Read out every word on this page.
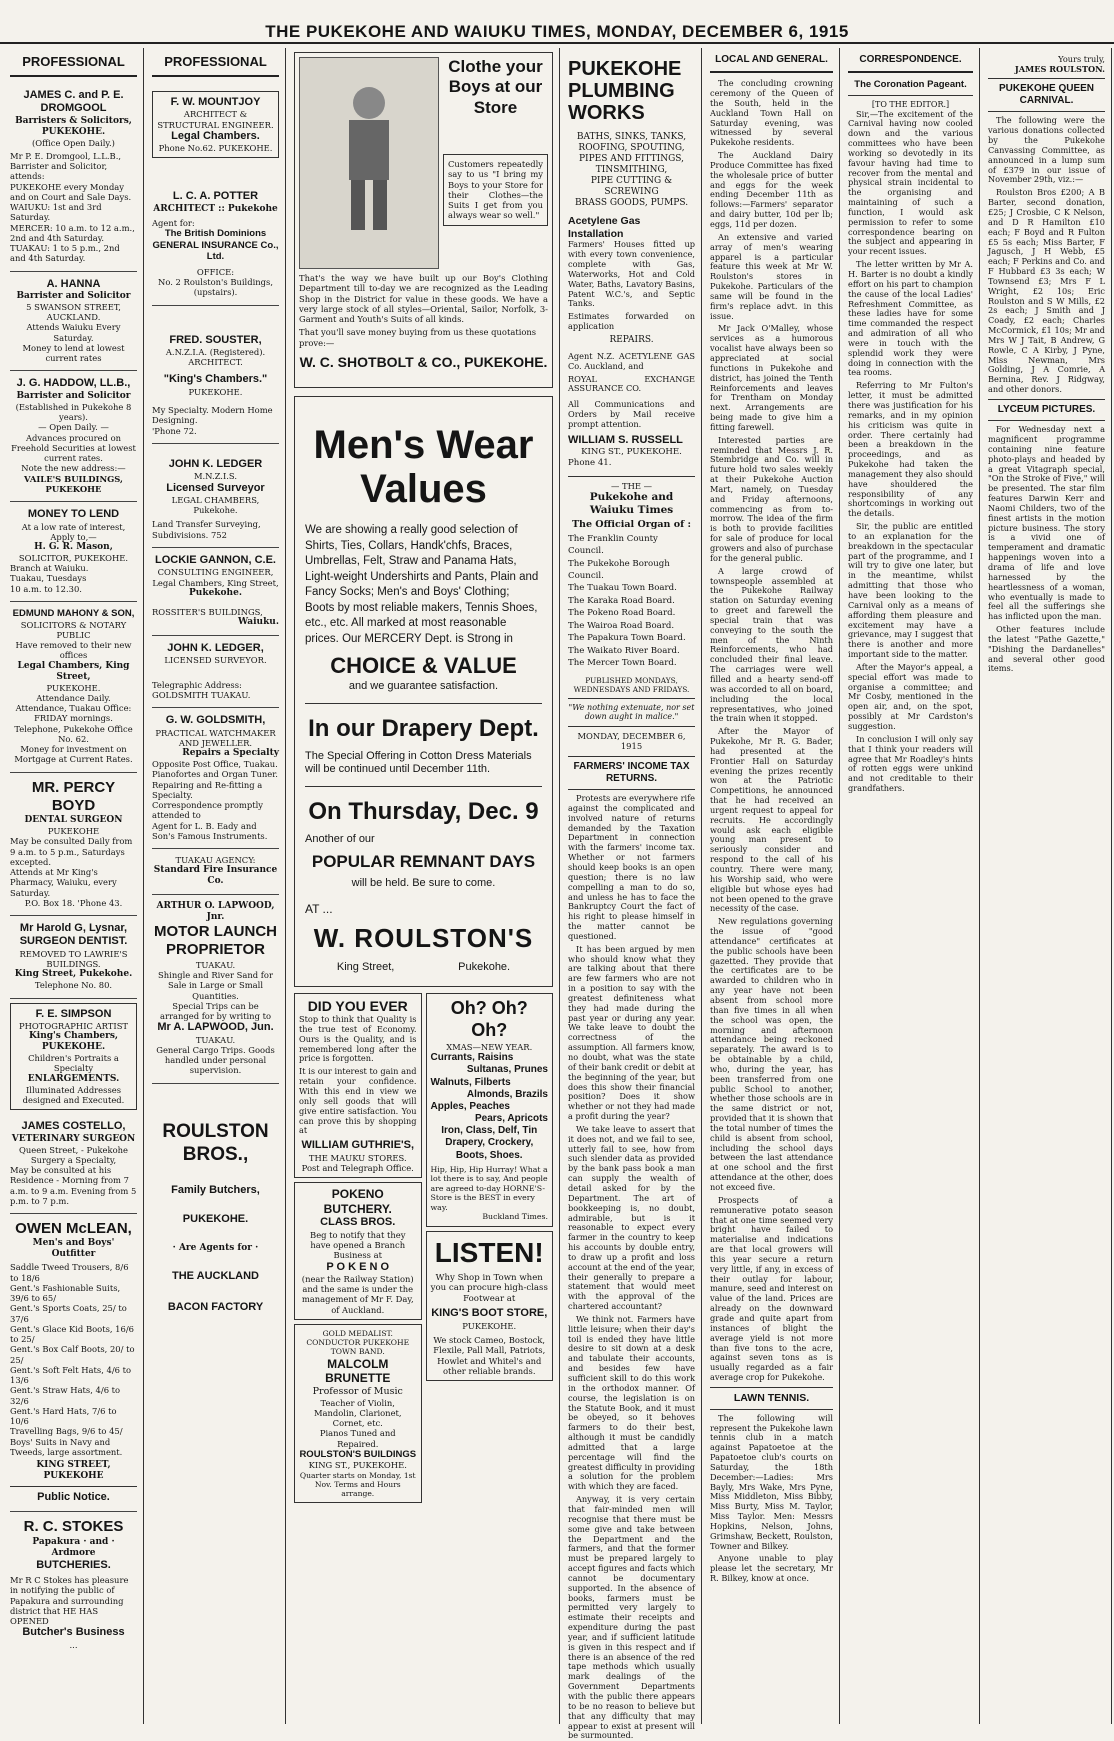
THE PUKEKOHE AND WAIUKU TIMES, MONDAY, DECEMBER 6, 1915
PROFESSIONAL
JAMES C. and P. E. DROMGOOL
Barristers & Solicitors,
PUKEKOHE.
(Office Open Daily.)
Mr P. E. Dromgool, L.L.B., Barrister and Solicitor, attends:
PUKEKOHE every Monday and on Court and Sale Days.
WAIUKU: 1st and 3rd Saturday.
MERCER: 10 a.m. to 12 a.m., 2nd and 4th Saturday.
TUAKAU: 1 to 5 p.m., 2nd and 4th Saturday.
A. HANNA
Barrister and Solicitor
5 SWANSON STREET, AUCKLAND.
Attends Waiuku Every Saturday.
Money to lend at lowest current rates
J. G. HADDOW, LL.B.,
Barrister and Solicitor
(Established in Pukekohe 8 years).
— Open Daily. —
Advances procured on Freehold Securities at lowest current rates.
Note the new address:—
VAILE'S BUILDINGS, PUKEKOHE
MONEY TO LEND
At a low rate of interest,
Apply to,—
H. G. R. Mason,
SOLICITOR, PUKEKOHE.
Branch at Waiuku.
Tuakau, Tuesdays
10 a.m. to 12.30.
EDMUND MAHONY & SON,
SOLICITORS & NOTARY PUBLIC
Have removed to their new offices
Legal Chambers, King Street,
PUKEKOHE.
Attendance Daily.
Attendance, Tuakau Office: FRIDAY mornings. Telephone, Pukekohe Office No. 62.
Money for investment on Mortgage at Current Rates.
MR. PERCY BOYD
DENTAL SURGEON
PUKEKOHE
May be consulted Daily from 9 a.m. to 5 p.m., Saturdays excepted.
Attends at Mr King's Pharmacy, Waiuku, every Saturday.
P.O. Box 18. 'Phone 43.
Mr Harold G, Lysnar,
SURGEON DENTIST.
REMOVED TO LAWRIE'S BUILDINGS.
King Street, Pukekohe.
Telephone No. 80.
F. E. SIMPSON
PHOTOGRAPHIC ARTIST
King's Chambers,
PUKEKOHE.
Children's Portraits a Specialty
ENLARGEMENTS.
Illuminated Addresses designed and Executed.
JAMES COSTELLO,
VETERINARY SURGEON
Queen Street, - Pukekohe
Surgery a Specialty,
May be consulted at his Residence - Morning from 7 a.m. to 9 a.m. Evening from 5 p.m. to 7 p.m.
OWEN McLEAN,
Men's and Boys' Outfitter
Saddle Tweed Trousers, 8/6 to 18/6
Gent.'s Fashionable Suits, 39/6 to 65/
Gent.'s Sports Coats, 25/ to 37/6
Gent.'s Glace Kid Boots, 16/6 to 25/
Gent.'s Box Calf Boots, 20/ to 25/
Gent.'s Soft Felt Hats, 4/6 to 13/6
Gent.'s Straw Hats, 4/6 to 32/6
Gent.'s Hard Hats, 7/6 to 10/6
Travelling Bags, 9/6 to 45/
Boys' Suits in Navy and Tweeds, large assortment.
KING STREET, PUKEKOHE
Public Notice.
R. C. STOKES
Papakura · and · Ardmore
BUTCHERIES.
Mr R C Stokes has pleasure in notifying the public of Papakura and surrounding district that HE HAS OPENED
Butcher's Business
...
PROFESSIONAL
F. W. MOUNTJOY
ARCHITECT & STRUCTURAL ENGINEER.
Legal Chambers.
Phone No.62. PUKEKOHE.
L. C. A. POTTER
ARCHITECT :: Pukekohe
Agent for:
The British Dominions GENERAL INSURANCE Co., Ltd.
OFFICE:
No. 2 Roulston's Buildings, (upstairs).
FRED. SOUSTER,
A.N.Z.I.A. (Registered).
ARCHITECT.
"King's Chambers."
PUKEKOHE.
My Specialty. Modern Home Designing.
'Phone 72.
JOHN K. LEDGER
M.N.Z.I.S.
Licensed Surveyor
LEGAL CHAMBERS,
Pukekohe.
Land Transfer Surveying, Subdivisions. 752
LOCKIE GANNON, C.E.
CONSULTING ENGINEER,
Legal Chambers, King Street,
Pukekohe.
ROSSITER'S BUILDINGS,
Waiuku.
JOHN K. LEDGER,
LICENSED SURVEYOR.
Telegraphic Address: GOLDSMITH TUAKAU.
G. W. GOLDSMITH,
PRACTICAL WATCHMAKER AND JEWELLER.
Repairs a Specialty
Opposite Post Office, Tuakau.
Pianofortes and Organ Tuner. Repairing and Re-fitting a Specialty.
Correspondence promptly attended to
Agent for L. B. Eady and Son's Famous Instruments.
TUAKAU AGENCY:
Standard Fire Insurance Co.
ARTHUR O. LAPWOOD, Jnr.
MOTOR LAUNCH PROPRIETOR
TUAKAU.
Shingle and River Sand for Sale in Large or Small Quantities.
Special Trips can be arranged for by writing to
Mr A. LAPWOOD, Jun.
TUAKAU.
General Cargo Trips. Goods handled under personal supervision.
ROULSTON BROS.,
Family Butchers,
PUKEKOHE.
· Are Agents for ·
THE AUCKLAND
BACON FACTORY
Clothe your Boys at our Store
Customers repeatedly say to us "I bring my Boys to your Store for their Clothes—the Suits I get from you always wear so well."
That's the way we have built up our Boy's Clothing Department till to-day we are recognized as the Leading Shop in the District for value in these goods. We have a very large stock of all styles—Oriental, Sailor, Norfolk, 3-Garment and Youth's Suits of all kinds.
That you'll save money buying from us these quotations prove:—
W. C. SHOTBOLT & CO., PUKEKOHE.
Men's Wear
Values
We are showing a really good selection of Shirts, Ties, Collars, Handk'chfs, Braces, Umbrellas, Felt, Straw and Panama Hats, Light-weight Undershirts and Pants, Plain and Fancy Socks; Men's and Boys' Clothing; Boots by most reliable makers, Tennis Shoes, etc., etc. All marked at most reasonable prices. Our MERCERY Dept. is Strong in
CHOICE & VALUE
and we guarantee satisfaction.
In our Drapery Dept.
The Special Offering in Cotton Dress Materials will be continued until December 11th.
On Thursday, Dec. 9
Another of our
POPULAR REMNANT DAYS
will be held. Be sure to come.
AT ...
W. ROULSTON'S
King Street,	Pukekohe.
DID YOU EVER
Stop to think that Quality is the true test of Economy. Ours is the Quality, and is remembered long after the price is forgotten.
It is our interest to gain and retain your confidence. With this end in view we only sell goods that will give entire satisfaction. You can prove this by shopping at
WILLIAM GUTHRIE'S,
THE MAUKU STORES.
Post and Telegraph Office.
POKENO BUTCHERY.
CLASS BROS.
Beg to notify that they have opened a Branch Business at
P O K E N O
(near the Railway Station) and the same is under the management of Mr F. Day, of Auckland.
GOLD MEDALIST.
CONDUCTOR PUKEKOHE TOWN BAND.
MALCOLM BRUNETTE
Professor of Music
Teacher of Violin, Mandolin, Clarionet, Cornet, etc.
Pianos Tuned and Repaired.
ROULSTON'S BUILDINGS
KING ST., PUKEKOHE.
Quarter starts on Monday, 1st Nov. Terms and Hours arrange.
Oh? Oh? Oh?
XMAS—NEW YEAR.
Currants, Raisins
Sultanas, Prunes
Walnuts, Filberts
Almonds, Brazils
Apples, Peaches
Pears, Apricots
Iron, Class, Delf, Tin
Drapery, Crockery, Boots, Shoes.
Hip, Hip, Hip Hurray! What a lot there is to say, And people are agreed to-day HORNE'S-Store is the BEST in every way.
Buckland Times.
LISTEN!
Why Shop in Town when you can procure high-class Footwear at
KING'S BOOT STORE,
PUKEKOHE.
We stock Cameo, Bostock, Flexile, Pall Mall, Patriots, Howlet and Whitel's and other reliable brands.
PUKEKOHE
PLUMBING
WORKS
BATHS, SINKS, TANKS,
ROOFING, SPOUTING,
PIPES AND FITTINGS,
TINSMITHING,
PIPE CUTTING & SCREWING
BRASS GOODS, PUMPS.
Acetylene Gas Installation
Farmers' Houses fitted up with every town convenience, complete with Gas, Waterworks, Hot and Cold Water, Baths, Lavatory Basins, Patent W.C.'s, and Septic Tanks.
Estimates forwarded on application
REPAIRS.
Agent N.Z. ACETYLENE GAS Co. Auckland, and
ROYAL EXCHANGE ASSURANCE CO.
All Communications and Orders by Mail receive prompt attention.
WILLIAM S. RUSSELL
KING ST., PUKEKOHE.
Phone 41.
— THE —
Pukekohe and Waiuku Times
The Official Organ of :
The Franklin County Council.
The Pukekohe Borough Council.
The Tuakau Town Board.
The Karaka Road Board.
The Pokeno Road Board.
The Wairoa Road Board.
The Papakura Town Board.
The Waikato River Board.
The Mercer Town Board.
PUBLISHED MONDAYS, WEDNESDAYS AND FRIDAYS.
"We nothing extenuate, nor set down aught in malice."
MONDAY, DECEMBER 6, 1915
FARMERS' INCOME TAX RETURNS.
Protests are everywhere rife against the complicated and involved nature of returns demanded by the Taxation Department in connection with the farmers' income tax. Whether or not farmers should keep books is an open question; there is no law compelling a man to do so, and unless he has to face the Bankruptcy Court the fact of his right to please himself in the matter cannot be questioned.
It has been argued by men who should know what they are talking about that there are few farmers who are not in a position to say with the greatest definiteness what they had made during the past year or during any year. We take leave to doubt the correctness of the assumption. All farmers know, no doubt, what was the state of their bank credit or debit at the beginning of the year, but does this show their financial position? Does it show whether or not they had made a profit during the year?
We take leave to assert that it does not, and we fail to see, utterly fail to see, how from such slender data as provided by the bank pass book a man can supply the wealth of detail asked for by the Department. The art of bookkeeping is, no doubt, admirable, but is it reasonable to expect every farmer in the country to keep his accounts by double entry, to draw up a profit and loss account at the end of the year, their generally to prepare a statement that would meet with the approval of the chartered accountant?
We think not. Farmers have little leisure; when their day's toil is ended they have little desire to sit down at a desk and tabulate their accounts, and besides few have sufficient skill to do this work in the orthodox manner. Of course, the legislation is on the Statute Book, and it must be obeyed, so it behoves farmers to do their best, although it must be candidly admitted that a large percentage will find the greatest difficulty in providing a solution for the problem with which they are faced.
Anyway, it is very certain that fair-minded men will recognise that there must be some give and take between the Department and the farmers, and that the former must be prepared largely to accept figures and facts which cannot be documentary supported. In the absence of books, farmers must be permitted very largely to estimate their receipts and expenditure during the past year, and if sufficient latitude is given in this respect and if there is an absence of the red tape methods which usually mark dealings of the Government Departments with the public there appears to be no reason to believe but that any difficulty that may appear to exist at present will be surmounted.
LOCAL AND GENERAL.
The concluding crowning ceremony of the Queen of the South, held in the Auckland Town Hall on Saturday evening, was witnessed by several Pukekohe residents.
The Auckland Dairy Produce Committee has fixed the wholesale price of butter and eggs for the week ending December 11th as follows:—Farmers' separator and dairy butter, 10d per lb; eggs, 11d per dozen.
An extensive and varied array of men's wearing apparel is a particular feature this week at Mr W. Roulston's stores in Pukekohe. Particulars of the same will be found in the firm's replace advt. in this issue.
Mr Jack O'Malley, whose services as a humorous vocalist have always been so appreciated at social functions in Pukekohe and district, has joined the Tenth Reinforcements and leaves for Trentham on Monday next. Arrangements are being made to give him a fitting farewell.
Interested parties are reminded that Messrs J. R. Stembridge and Co. will in future hold two sales weekly at their Pukekohe Auction Mart, namely, on Tuesday and Friday afternoons, commencing as from to-morrow. The idea of the firm is both to provide facilities for sale of produce for local growers and also of purchase for the general public.
A large crowd of townspeople assembled at the Pukekohe Railway station on Saturday evening to greet and farewell the special train that was conveying to the south the men of the Ninth Reinforcements, who had concluded their final leave. The carriages were well filled and a hearty send-off was accorded to all on board, including the local representatives, who joined the train when it stopped.
After the Mayor of Pukekohe, Mr R. G. Bader, had presented at the Frontier Hall on Saturday evening the prizes recently won at the Patriotic Competitions, he announced that he had received an urgent request to appeal for recruits. He accordingly would ask each eligible young man present to seriously consider and respond to the call of his country. There were many, his Worship said, who were eligible but whose eyes had not been opened to the grave necessity of the case.
New regulations governing the issue of "good attendance" certificates at the public schools have been gazetted. They provide that the certificates are to be awarded to children who in any year have not been absent from school more than five times in all when the school was open, the morning and afternoon attendance being reckoned separately. The award is to be obtainable by a child, who, during the year, has been transferred from one public School to another, whether those schools are in the same district or not, provided that it is shown that the total number of times the child is absent from school, including the school days between the last attendance at one school and the first attendance at the other, does not exceed five.
Prospects of a remunerative potato season that at one time seemed very bright have failed to materialise and indications are that local growers will this year secure a return very little, if any, in excess of their outlay for labour, manure, seed and interest on value of the land. Prices are already on the downward grade and quite apart from instances of blight the average yield is not more than five tons to the acre, against seven tons as is usually regarded as a fair average crop for Pukekohe.
LAWN TENNIS.
The following will represent the Pukekohe lawn tennis club in a match against Papatoetoe at the Papatoetoe club's courts on Saturday, the 18th December:—Ladies: Mrs Bayly, Mrs Wake, Mrs Pyne, Miss Middleton, Miss Bibby, Miss Burty, Miss M. Taylor, Miss Taylor. Men: Messrs Hopkins, Nelson, Johns, Grimshaw, Beckett, Roulston, Towner and Bilkey.
Anyone unable to play please let the secretary, Mr R. Bilkey, know at once.
CORRESPONDENCE.
The Coronation Pageant.
[TO THE EDITOR.]
Sir,—The excitement of the Carnival having now cooled down and the various committees who have been working so devotedly in its favour having had time to recover from the mental and physical strain incidental to the organising and maintaining of such a function, I would ask permission to refer to some correspondence bearing on the subject and appearing in your recent issues.
The letter written by Mr A. H. Barter is no doubt a kindly effort on his part to champion the cause of the local Ladies' Refreshment Committee, as these ladies have for some time commanded the respect and admiration of all who were in touch with the splendid work they were doing in connection with the tea rooms.
Referring to Mr Fulton's letter, it must be admitted there was justification for his remarks, and in my opinion his criticism was quite in order. There certainly had been a breakdown in the proceedings, and as Pukekohe had taken the management they also should have shouldered the responsibility of any shortcomings in working out the details.
Sir, the public are entitled to an explanation for the breakdown in the spectacular part of the programme, and I will try to give one later, but in the meantime, whilst admitting that those who have been looking to the Carnival only as a means of affording them pleasure and excitement may have a grievance, may I suggest that there is another and more important side to the matter.
After the Mayor's appeal, a special effort was made to organise a committee; and Mr Cosby, mentioned in the open air, and, on the spot, possibly at Mr Cardston's suggestion.
In conclusion I will only say that I think your readers will agree that Mr Roadley's hints of rotten eggs were unkind and not creditable to their grandfathers.
Yours truly,
JAMES ROULSTON.
PUKEKOHE QUEEN CARNIVAL.
The following were the various donations collected by the Pukekohe Canvassing Committee, as announced in a lump sum of £379 in our issue of November 29th, viz.:—
Roulston Bros £200; A B Barter, second donation, £25; J Crosbie, C K Nelson, and D R Hamilton £10 each; F Boyd and R Fulton £5 5s each; Miss Barter, F Jagusch, J H Webb, £5 each; F Perkins and Co. and F Hubbard £3 3s each; W Townsend £3; Mrs F L Wright, £2 10s; Eric Roulston and S W Mills, £2 2s each; J Smith and J Coady, £2 each; Charles McCormick, £1 10s; Mr and Mrs W J Tait, B Andrew, G Rowle, C A Kirby, J Pyne, Miss Newman, Mrs Golding, J A Comrie, A Bernina, Rev. J Ridgway, and other donors.
LYCEUM PICTURES.
For Wednesday next a magnificent programme containing nine feature photo-plays and headed by a great Vitagraph special, "On the Stroke of Five," will be presented. The star film features Darwin Kerr and Naomi Childers, two of the finest artists in the motion picture business. The story is a vivid one of temperament and dramatic happenings woven into a drama of life and love harnessed by the heartlessness of a woman, who eventually is made to feel all the sufferings she has inflicted upon the man.
Other features include the latest "Pathe Gazette," "Dishing the Dardanelles" and several other good items.
